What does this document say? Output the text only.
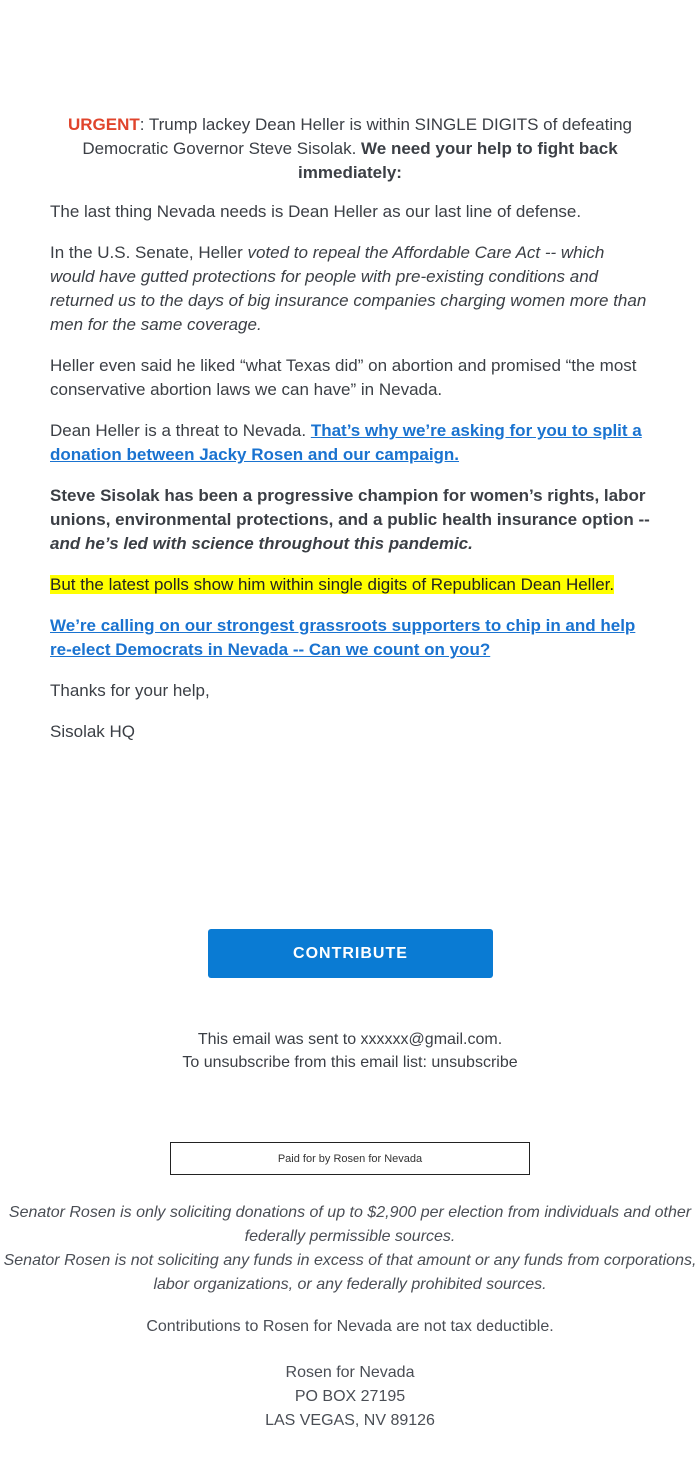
URGENT: Trump lackey Dean Heller is within SINGLE DIGITS of defeating Democratic Governor Steve Sisolak. We need your help to fight back immediately:

The last thing Nevada needs is Dean Heller as our last line of defense.

In the U.S. Senate, Heller voted to repeal the Affordable Care Act -- which would have gutted protections for people with pre-existing conditions and returned us to the days of big insurance companies charging women more than men for the same coverage.

Heller even said he liked “what Texas did” on abortion and promised “the most conservative abortion laws we can have” in Nevada.

Dean Heller is a threat to Nevada. That’s why we’re asking for you to split a donation between Jacky Rosen and our campaign.

Steve Sisolak has been a progressive champion for women’s rights, labor unions, environmental protections, and a public health insurance option -- and he’s led with science throughout this pandemic.

But the latest polls show him within single digits of Republican Dean Heller.

We’re calling on our strongest grassroots supporters to chip in and help re-elect Democrats in Nevada -- Can we count on you?

Thanks for your help,

Sisolak HQ

CONTRIBUTE
This email was sent to xxxxxx@gmail.com.
To unsubscribe from this email list: unsubscribe
Paid for by Rosen for Nevada
Senator Rosen is only soliciting donations of up to $2,900 per election from individuals and other federally permissible sources.
Senator Rosen is not soliciting any funds in excess of that amount or any funds from corporations, labor organizations, or any federally prohibited sources.
Contributions to Rosen for Nevada are not tax deductible.
Rosen for Nevada
PO BOX 27195
LAS VEGAS, NV 89126
